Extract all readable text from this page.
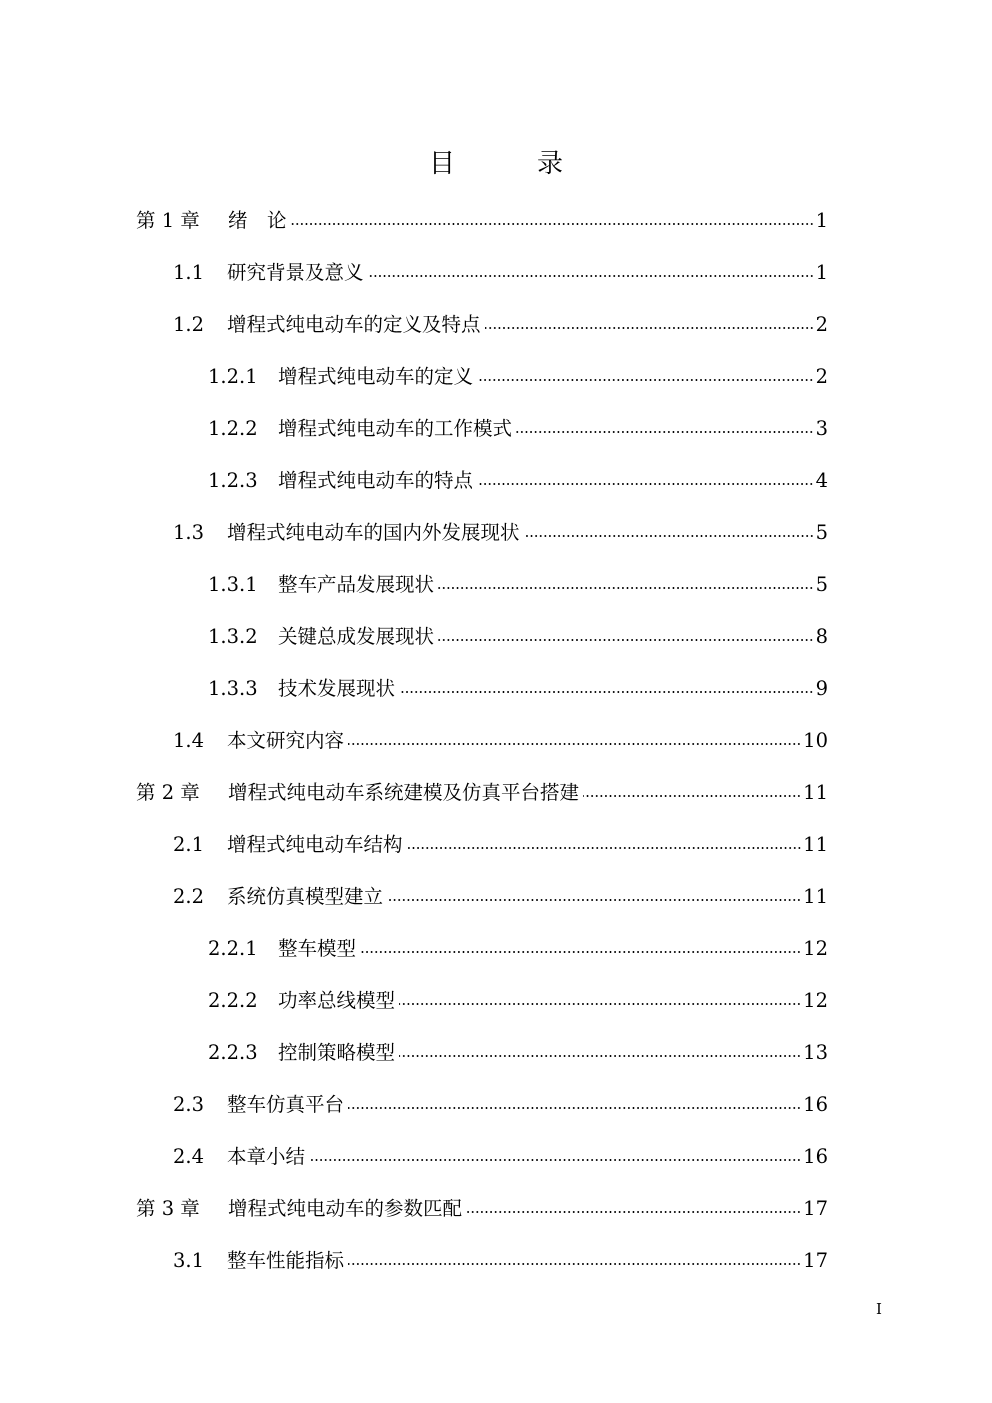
目　录
第 1 章	绪　论	1
1.1	研究背景及意义	1
1.2	增程式纯电动车的定义及特点	2
1.2.1	增程式纯电动车的定义	2
1.2.2	增程式纯电动车的工作模式	3
1.2.3	增程式纯电动车的特点	4
1.3	增程式纯电动车的国内外发展现状	5
1.3.1	整车产品发展现状	5
1.3.2	关键总成发展现状	8
1.3.3	技术发展现状	9
1.4	本文研究内容	10
第 2 章	增程式纯电动车系统建模及仿真平台搭建	11
2.1	增程式纯电动车结构	11
2.2	系统仿真模型建立	11
2.2.1	整车模型	12
2.2.2	功率总线模型	12
2.2.3	控制策略模型	13
2.3	整车仿真平台	16
2.4	本章小结	16
第 3 章	增程式纯电动车的参数匹配	17
3.1	整车性能指标	17
I
